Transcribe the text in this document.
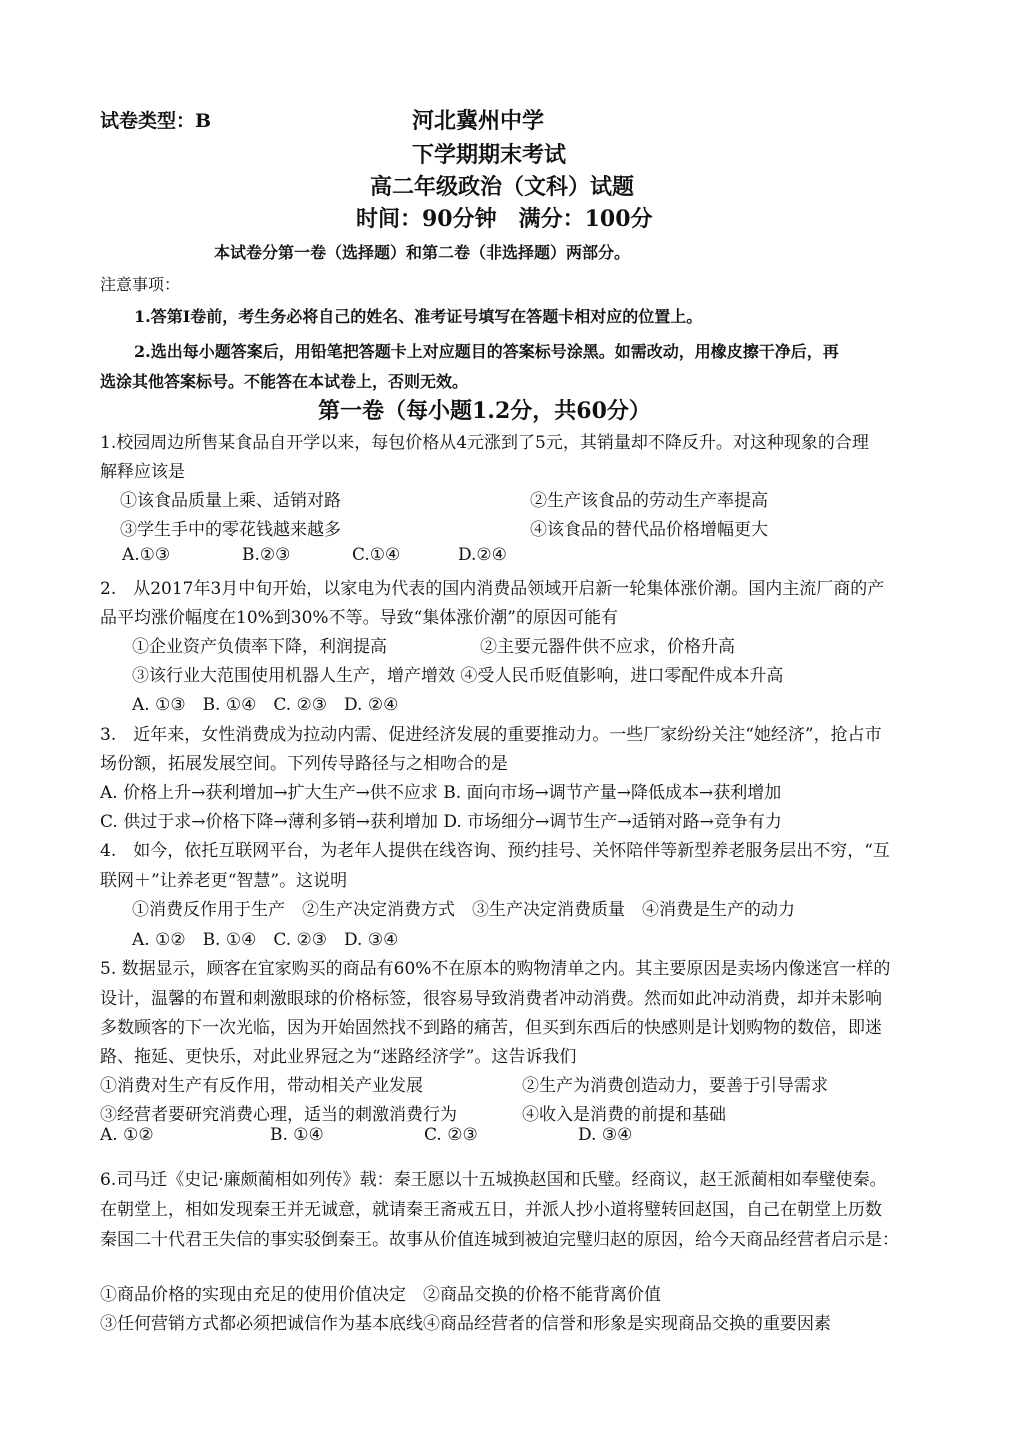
试卷类型：B	河北冀州中学
下学期期末考试
高二年级政治（文科）试题
时间：90分钟　满分：100分
本试卷分第一卷（选择题）和第二卷（非选择题）两部分。
注意事项：
1.答第Ⅰ卷前，考生务必将自己的姓名、准考证号填写在答题卡相对应的位置上。
2.选出每小题答案后，用铅笔把答题卡上对应题目的答案标号涂黑。如需改动，用橡皮擦干净后，再
选涂其他答案标号。不能答在本试卷上，否则无效。
第一卷（每小题1.2分，共60分）
1.校园周边所售某食品自开学以来，每包价格从4元涨到了5元，其销量却不降反升。对这种现象的合理
解释应该是
①该食品质量上乘、适销对路	②生产该食品的劳动生产率提高
③学生手中的零花钱越来越多	④该食品的替代品价格增幅更大
A.①③	B.②③	C.①④	D.②④
2.　从2017年3月中旬开始，以家电为代表的国内消费品领域开启新一轮集体涨价潮。国内主流厂商的产
品平均涨价幅度在10%到30%不等。导致“集体涨价潮”的原因可能有
①企业资产负债率下降，利润提高	②主要元器件供不应求，价格升高
③该行业大范围使用机器人生产，增产增效 ④受人民币贬值影响，进口零配件成本升高
A. ①③　B. ①④　C. ②③　D. ②④
3.　近年来，女性消费成为拉动内需、促进经济发展的重要推动力。一些厂家纷纷关注“她经济”，抢占市
场份额，拓展发展空间。下列传导路径与之相吻合的是
A. 价格上升→获利增加→扩大生产→供不应求 B. 面向市场→调节产量→降低成本→获利增加
C. 供过于求→价格下降→薄利多销→获利增加 D. 市场细分→调节生产→适销对路→竞争有力
4.　如今，依托互联网平台，为老年人提供在线咨询、预约挂号、关怀陪伴等新型养老服务层出不穷，“互
联网＋”让养老更“智慧”。这说明
①消费反作用于生产　②生产决定消费方式　③生产决定消费质量　④消费是生产的动力
A. ①②　B. ①④　C. ②③　D. ③④
5. 数据显示，顾客在宜家购买的商品有60%不在原本的购物清单之内。其主要原因是卖场内像迷宫一样的
设计，温馨的布置和刺激眼球的价格标签，很容易导致消费者冲动消费。然而如此冲动消费，却并未影响
多数顾客的下一次光临，因为开始固然找不到路的痛苦，但买到东西后的快感则是计划购物的数倍，即迷
路、拖延、更快乐，对此业界冠之为“迷路经济学”。这告诉我们
①消费对生产有反作用，带动相关产业发展	②生产为消费创造动力，要善于引导需求
③经营者要研究消费心理，适当的刺激消费行为	④收入是消费的前提和基础
A. ①②	B. ①④	C. ②③	D. ③④
6.司马迁《史记·廉颇蔺相如列传》载：秦王愿以十五城换赵国和氏璧。经商议，赵王派蔺相如奉璧使秦。
在朝堂上，相如发现秦王并无诚意，就请秦王斋戒五日，并派人抄小道将璧转回赵国，自己在朝堂上历数
秦国二十代君王失信的事实驳倒秦王。故事从价值连城到被迫完璧归赵的原因，给今天商品经营者启示是：
①商品价格的实现由充足的使用价值决定　②商品交换的价格不能背离价值
③任何营销方式都必须把诚信作为基本底线④商品经营者的信誉和形象是实现商品交换的重要因素
